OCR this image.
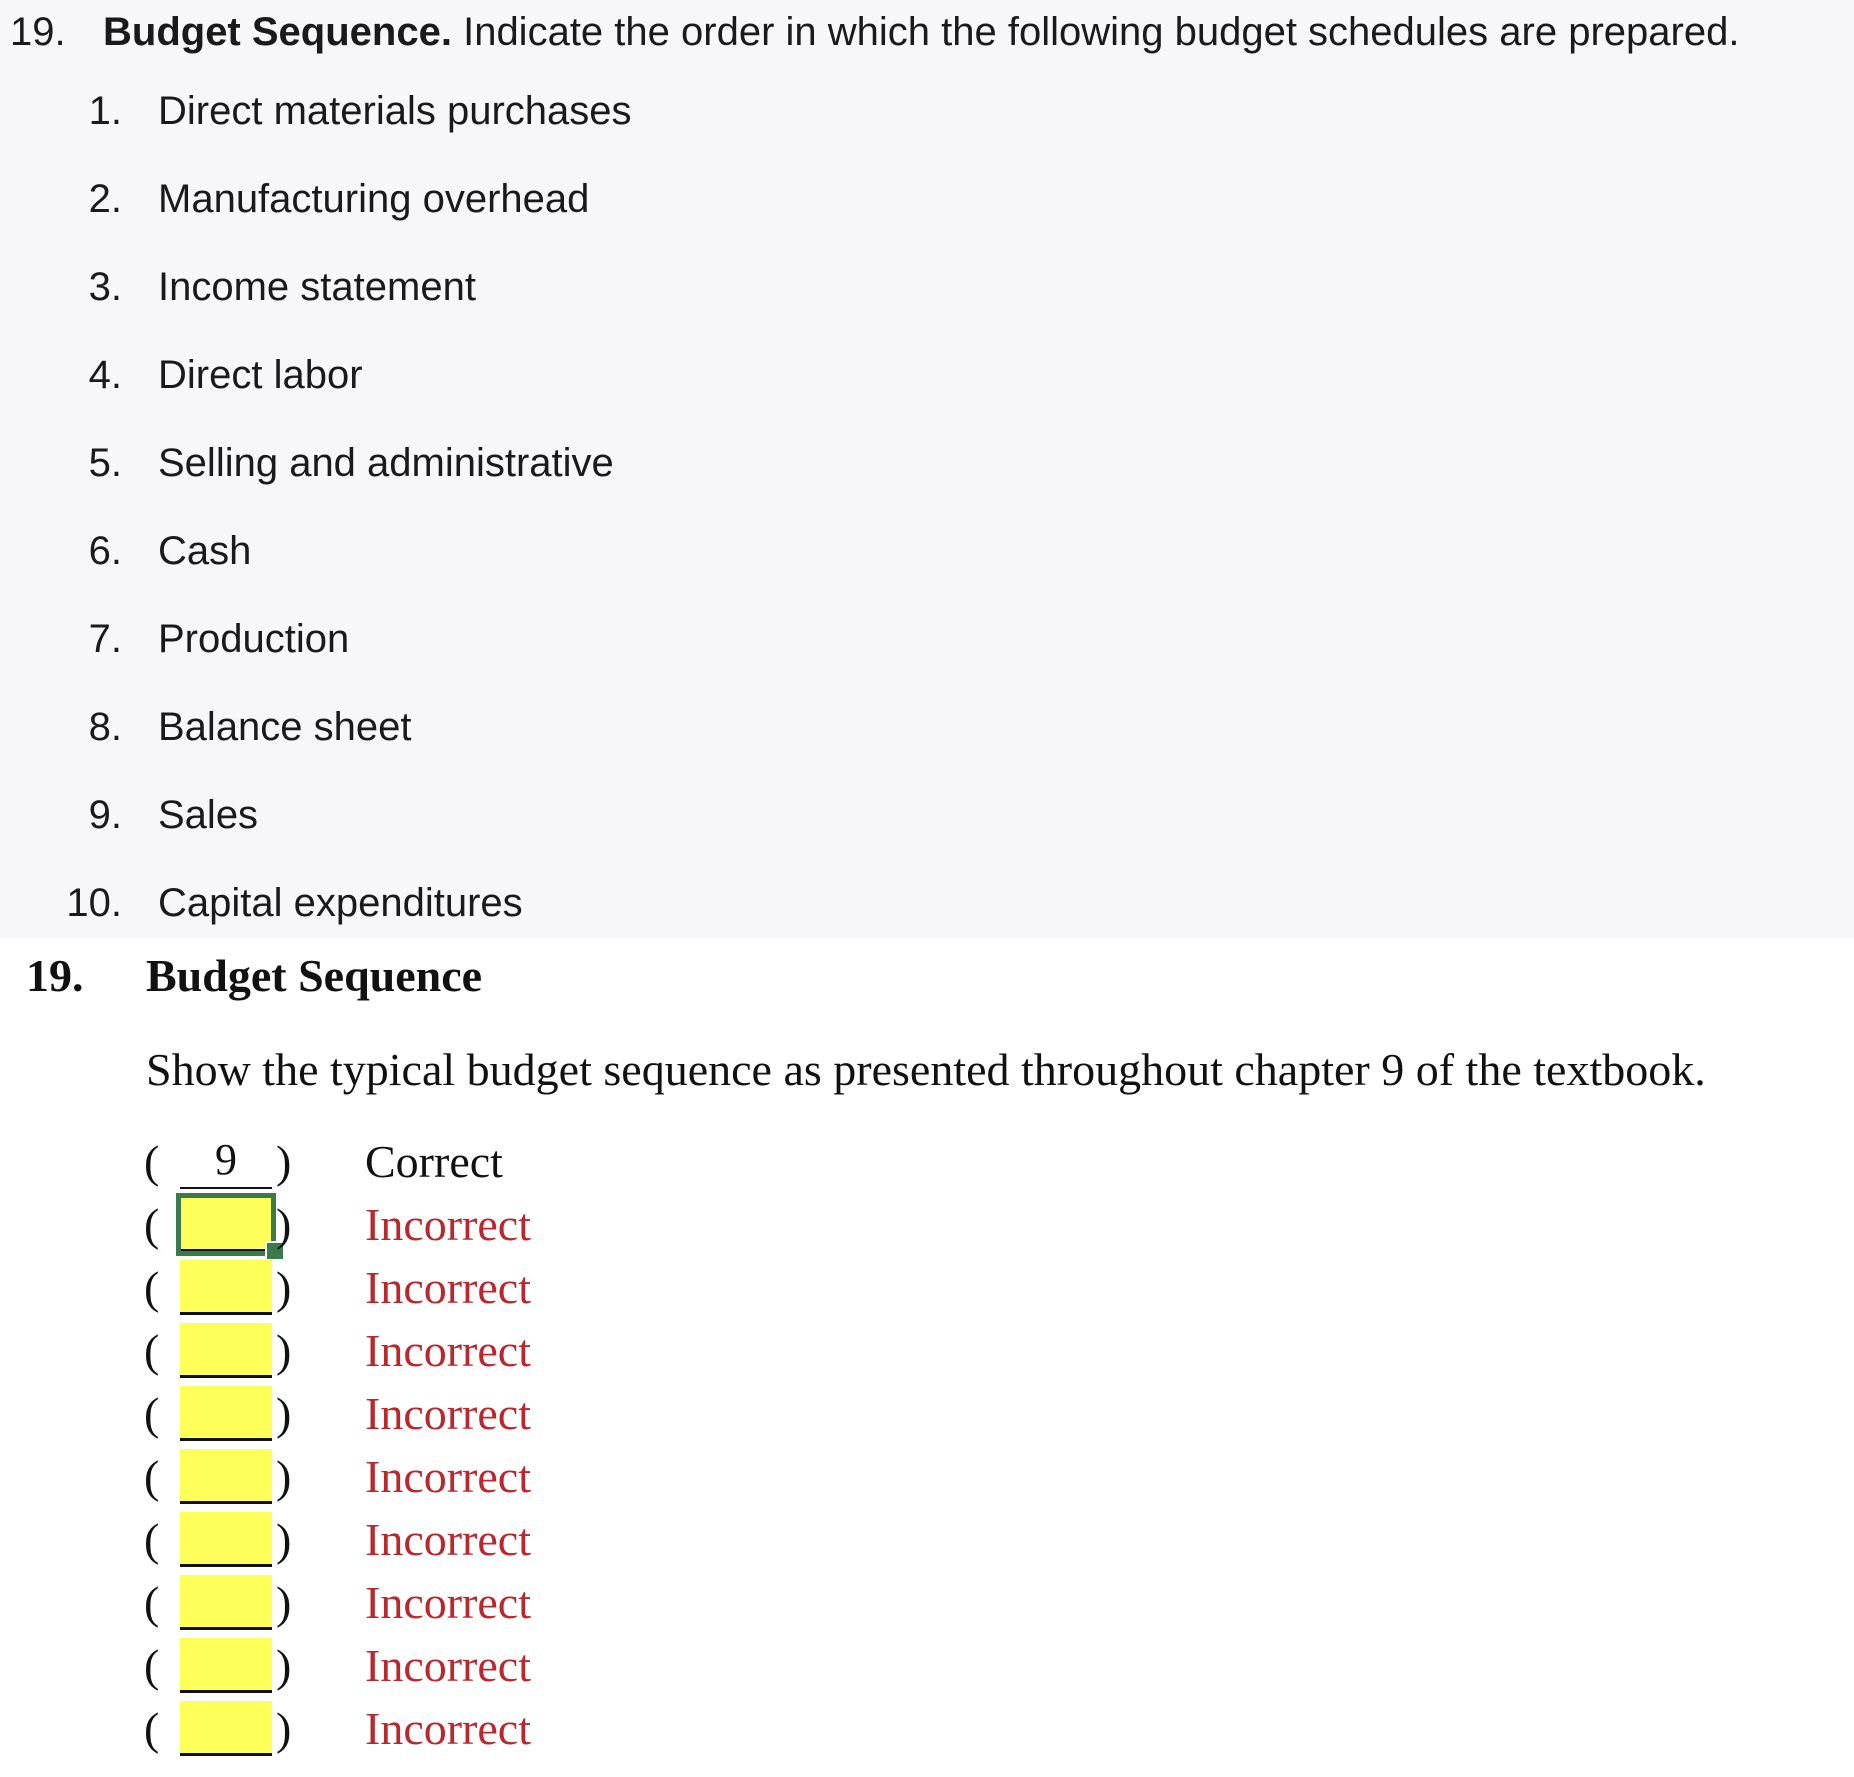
19. Budget Sequence. Indicate the order in which the following budget schedules are prepared.
1. Direct materials purchases
2. Manufacturing overhead
3. Income statement
4. Direct labor
5. Selling and administrative
6. Cash
7. Production
8. Balance sheet
9. Sales
10. Capital expenditures
19. Budget Sequence
Show the typical budget sequence as presented throughout chapter 9 of the textbook.
(	9 ) Correct
(	) Incorrect
(	) Incorrect
(	) Incorrect
(	) Incorrect
(	) Incorrect
(	) Incorrect
(	) Incorrect
(	) Incorrect
(	) Incorrect
